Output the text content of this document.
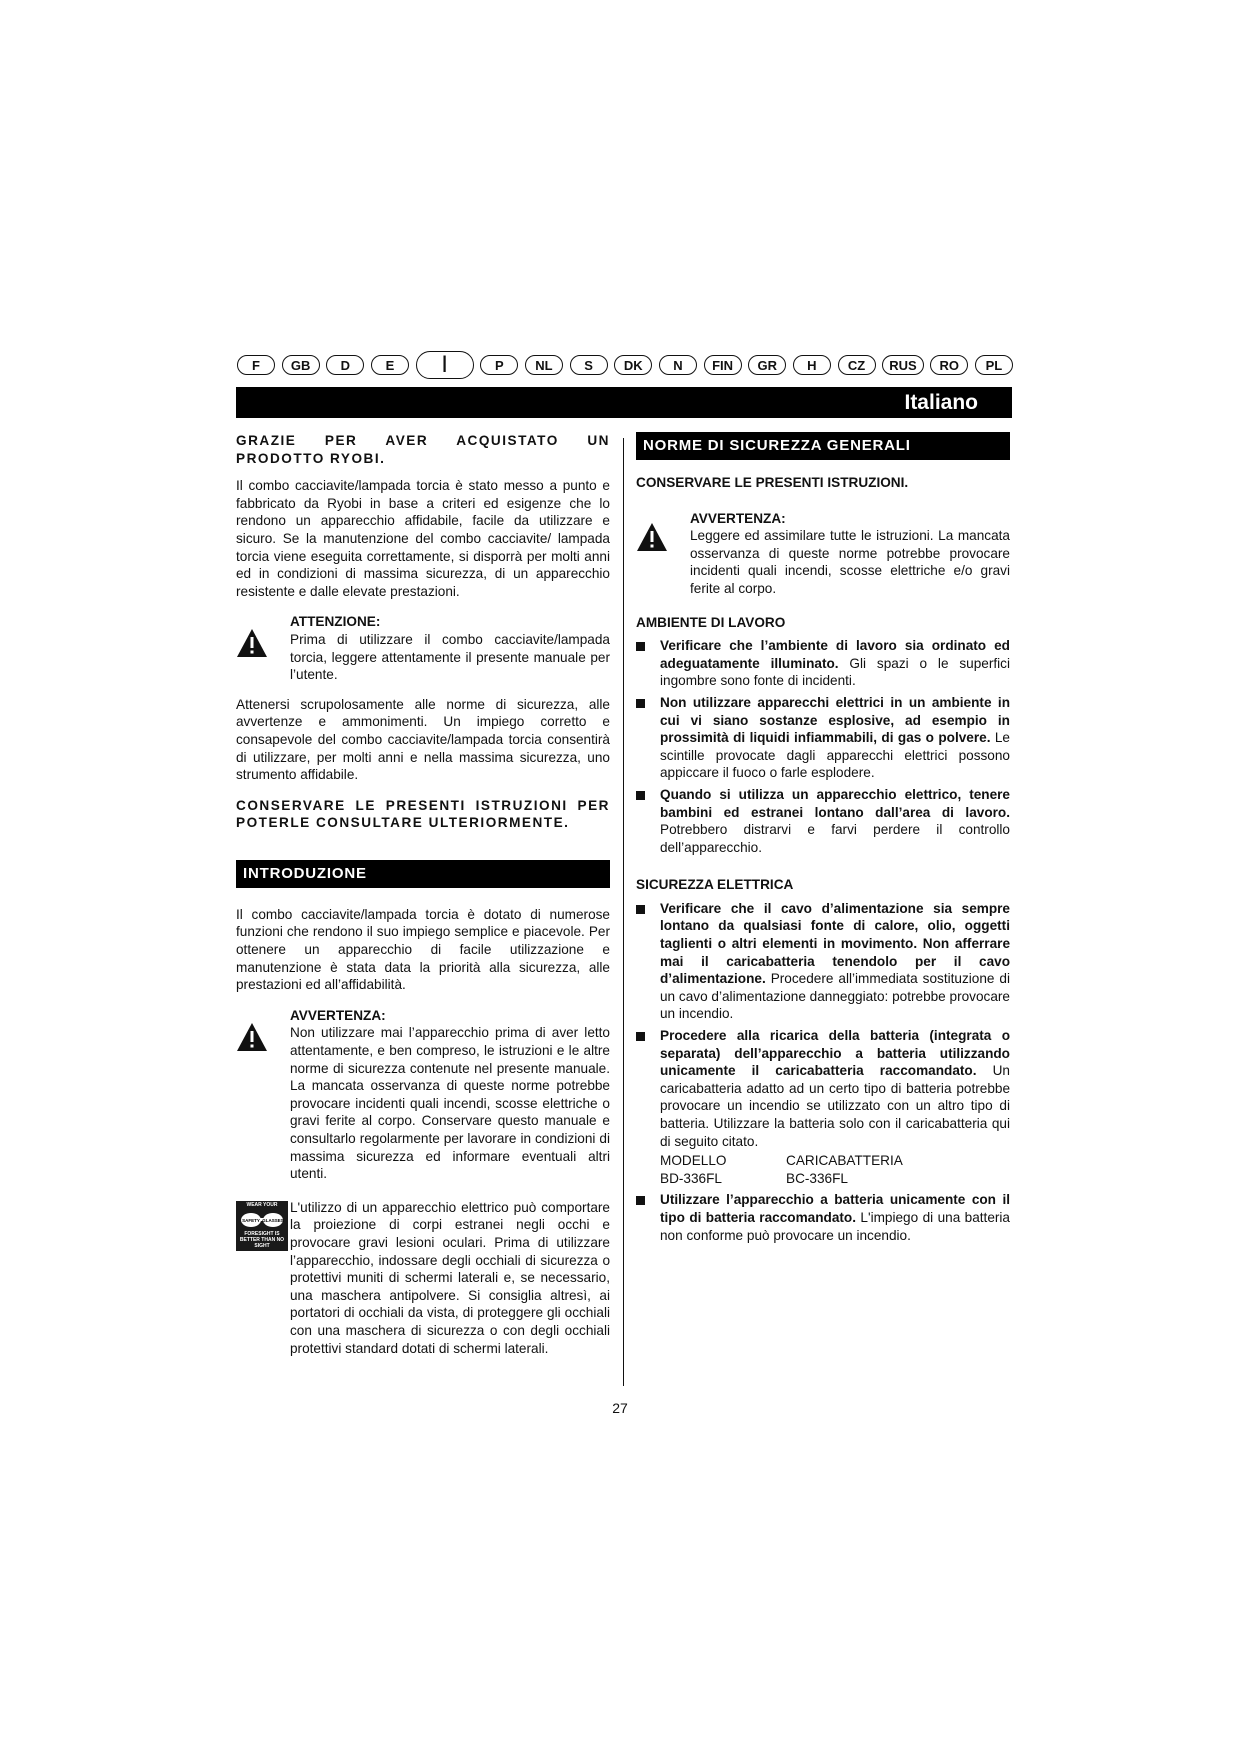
F	GB	D	E	I	P	NL	S	DK	N	FIN	GR	H	CZ	RUS	RO	PL
Italiano

GRAZIE PER AVER ACQUISTATO UN PRODOTTO RYOBI.

Il combo cacciavite/lampada torcia è stato messo a punto e fabbricato da Ryobi in base a criteri ed esigenze che lo rendono un apparecchio affidabile, facile da utilizzare e sicuro. Se la manutenzione del combo cacciavite/ lampada torcia viene eseguita correttamente, si disporrà per molti anni ed in condizioni di massima sicurezza, di un apparecchio resistente e dalle elevate prestazioni.

ATTENZIONE:

Prima di utilizzare il combo cacciavite/lampada torcia, leggere attentamente il presente manuale per l’utente.

Attenersi scrupolosamente alle norme di sicurezza, alle avvertenze e ammonimenti. Un impiego corretto e consapevole del combo cacciavite/lampada torcia consentirà di utilizzare, per molti anni e nella massima sicurezza, uno strumento affidabile.

CONSERVARE LE PRESENTI ISTRUZIONI PER POTERLE CONSULTARE ULTERIORMENTE.

INTRODUZIONE

Il combo cacciavite/lampada torcia è dotato di numerose funzioni che rendono il suo impiego semplice e piacevole. Per ottenere un apparecchio di facile utilizzazione e manutenzione è stata data la priorità alla sicurezza, alle prestazioni ed all’affidabilità.

AVVERTENZA:

Non utilizzare mai l’apparecchio prima di aver letto attentamente, e ben compreso, le istruzioni e le altre norme di sicurezza contenute nel presente manuale. La mancata osservanza di queste norme potrebbe provocare incidenti quali incendi, scosse elettriche o gravi ferite al corpo. Conservare questo manuale e consultarlo regolarmente per lavorare in condizioni di massima sicurezza ed informare eventuali altri utenti.

WEAR YOUR
SAFETY GLASSES
FORESIGHT IS BETTER THAN NO SIGHT

L'utilizzo di un apparecchio elettrico può comportare la proiezione di corpi estranei negli occhi e provocare gravi lesioni oculari. Prima di utilizzare l’apparecchio, indossare degli occhiali di sicurezza o protettivi muniti di schermi laterali e, se necessario, una maschera antipolvere. Si consiglia altresì, ai portatori di occhiali da vista, di proteggere gli occhiali con una maschera di sicurezza o con degli occhiali protettivi standard dotati di schermi laterali.

NORME DI SICUREZZA GENERALI

CONSERVARE LE PRESENTI ISTRUZIONI.

AVVERTENZA:

Leggere ed assimilare tutte le istruzioni. La mancata osservanza di queste norme potrebbe provocare incidenti quali incendi, scosse elettriche e/o gravi ferite al corpo.

AMBIENTE DI LAVORO

Verificare che l’ambiente di lavoro sia ordinato ed adeguatamente illuminato. Gli spazi o le superfici ingombre sono fonte di incidenti.
Non utilizzare apparecchi elettrici in un ambiente in cui vi siano sostanze esplosive, ad esempio in prossimità di liquidi infiammabili, di gas o polvere. Le scintille provocate dagli apparecchi elettrici possono appiccare il fuoco o farle esplodere.
Quando si utilizza un apparecchio elettrico, tenere bambini ed estranei lontano dall’area di lavoro. Potrebbero distrarvi e farvi perdere il controllo dell’apparecchio.

SICUREZZA ELETTRICA

Verificare che il cavo d’alimentazione sia sempre lontano da qualsiasi fonte di calore, olio, oggetti taglienti o altri elementi in movimento. Non afferrare mai il caricabatteria tenendolo per il cavo d’alimentazione. Procedere all’immediata sostituzione di un cavo d’alimentazione danneggiato: potrebbe provocare un incendio.
Procedere alla ricarica della batteria (integrata o separata) dell’apparecchio a batteria utilizzando unicamente il caricabatteria raccomandato. Un caricabatteria adatto ad un certo tipo di batteria potrebbe provocare un incendio se utilizzato con un altro tipo di batteria. Utilizzare la batteria solo con il caricabatteria qui di seguito citato.
MODELLO	CARICABATTERIA
BD-336FL	BC-336FL
Utilizzare l’apparecchio a batteria unicamente con il tipo di batteria raccomandato. L'impiego di una batteria non conforme può provocare un incendio.
27
